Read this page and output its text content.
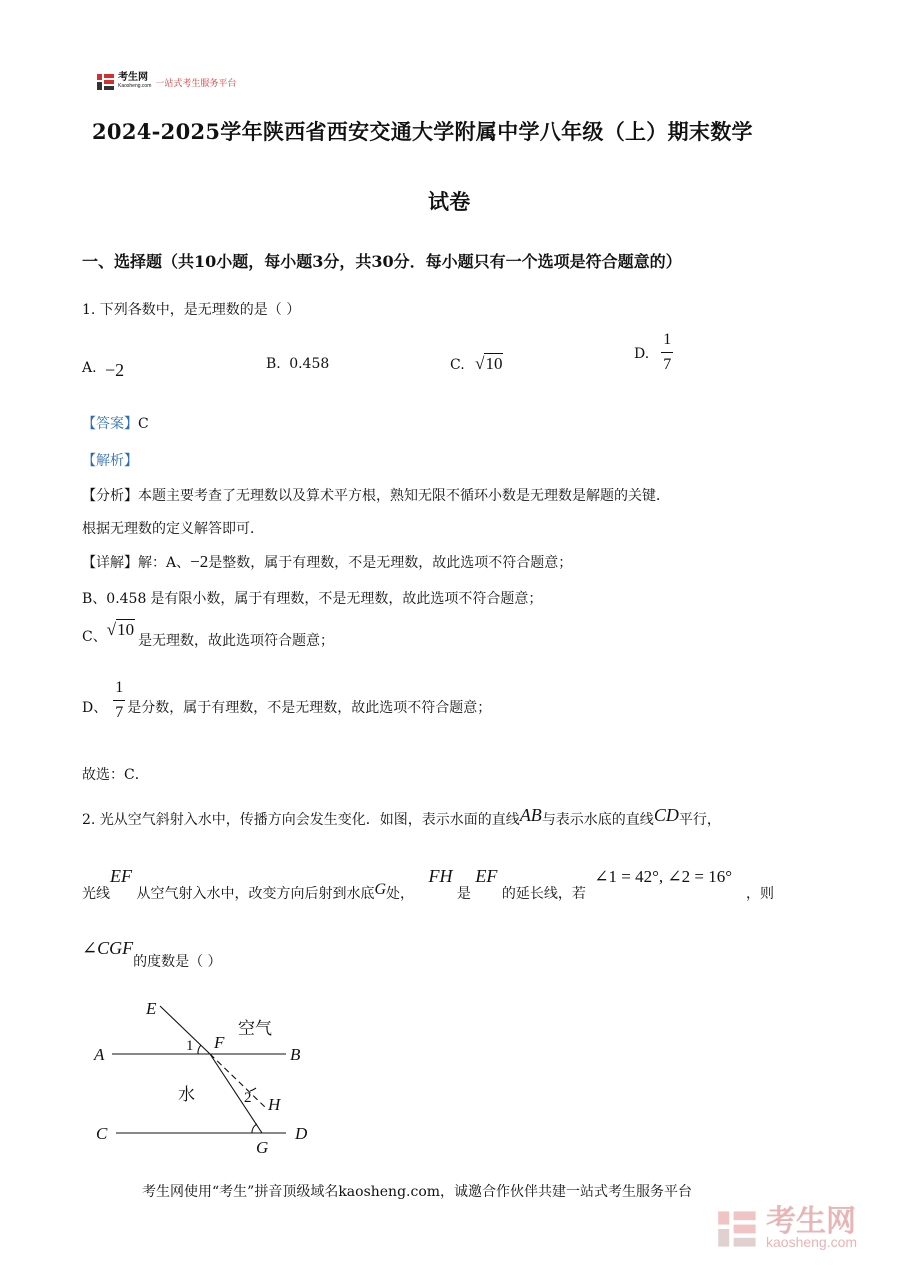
考生网
Kaosheng.com 一站式考生服务平台
2024-2025学年陕西省西安交通大学附属中学八年级（上）期末数学
试卷
一、选择题（共10小题，每小题3分，共30分．每小题只有一个选项是符合题意的）
1. 下列各数中，是无理数的是（ ）
A. −2	B. 0.458	C. √10
D. $\frac{1}{7}$
【答案】C
【解析】
【分析】本题主要考查了无理数以及算术平方根，熟知无限不循环小数是无理数是解题的关键．
根据无理数的定义解答即可．
【详解】解：A、−2是整数，属于有理数，不是无理数，故此选项不符合题意；
B、0.458 是有限小数，属于有理数，不是无理数，故此选项不符合题意；
C、√10是无理数，故此选项符合题意；
D、 $\frac{1}{7}$ 是分数，属于有理数，不是无理数，故此选项不符合题意；
故选：C．
2. 光从空气斜射入水中，传播方向会发生变化．如图，表示水面的直线AB与表示水底的直线CD平行，
光线EF 从空气射入水中，改变方向后射到水底G处， FH 是 EF 的延长线，若 ∠1 = 42°, ∠2 = 16°，则
∠CGF的度数是（ ）
E
F
A	B
H
C	D
G
1
2
空气
水
考生网使用“考生”拼音顶级域名kaosheng.com，诚邀合作伙伴共建一站式考生服务平台
考生网
kaosheng.com
